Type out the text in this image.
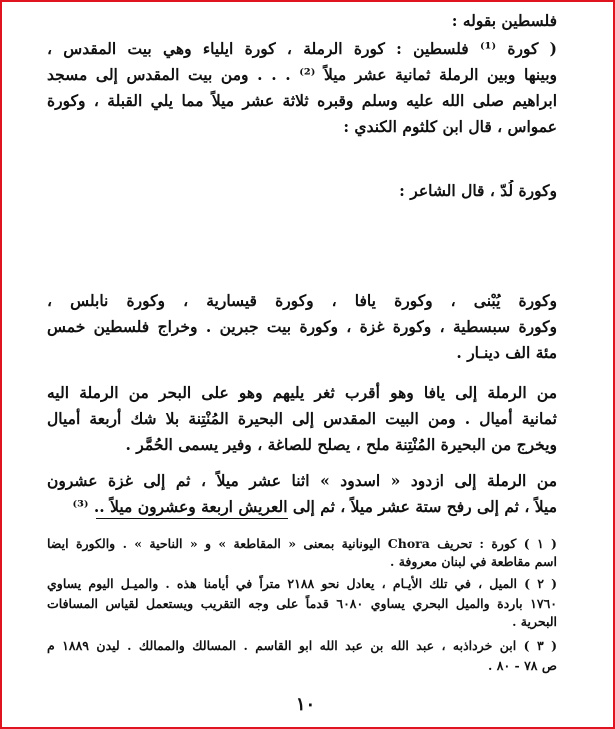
فلسطين بقوله :
( كورة ⁽¹⁾ فلسطين : كورة الرملة ، كورة ايلياء وهي بيت المقدس ،
وبينها وبين الرملة ثمانية عشر ميلاً ⁽²⁾ . . . ومن بيت المقدس إلى مسجد
ابراهيم صلى الله عليه وسلم وقبره ثلاثة عشر ميلاً مما يلي القبلة ، وكورة
عمواس ، قال ابن كلثوم الكندي :
وكورة لُدّ ، قال الشاعر :
وكورة يُبْنى ، وكورة يافا ، وكورة قيسارية ، وكورة نابلس ،
وكورة سبسطية ، وكورة غزة ، وكورة بيت جبرين . وخراج فلسطين خمس
مئة الف دينـار .
من الرملة إلى يافا وهو أقرب ثغر يليهم وهو على البحر من الرملة اليه
ثمانية أميال . ومن البيت المقدس إلى البحيرة المُنْتِنة بلا شك أربعة أميال
ويخرج من البحيرة المُنْتِنة ملح ، يصلح للصاغة ، وفير يسمى الحُمَّر .
من الرملة إلى ازدود « اسدود » اثنا عشر ميلاً ، ثم إلى غزة عشرون
ميلاً ، ثم إلى رفح ستة عشر ميلاً ، ثم إلى العريش اربعة وعشرون ميلاً .. ⁽³⁾
( ١ ) كورة : تحريف Chora اليونانية بمعنى « المقاطعة » و « الناحية » . والكورة ايضا
اسم مقاطعة في لبنان معروفة .
( ٢ ) الميل ، في تلك الأيـام ، يعادل نحو ٢١٨٨ متراً في أيامنا هذه . والميـل اليوم يساوي
١٧٦٠ باردة والميل البحري يساوي ٦٠٨٠ قدماً على وجه التقريب ويستعمل لقياس المسافات
البحرية .
( ٣ ) ابن خرداذبه ، عبد الله بن عبد الله ابو القاسم . المسالك والممالك . ليدن ١٨٨٩ م
ص ٧٨ - ٨٠ .
١٠
